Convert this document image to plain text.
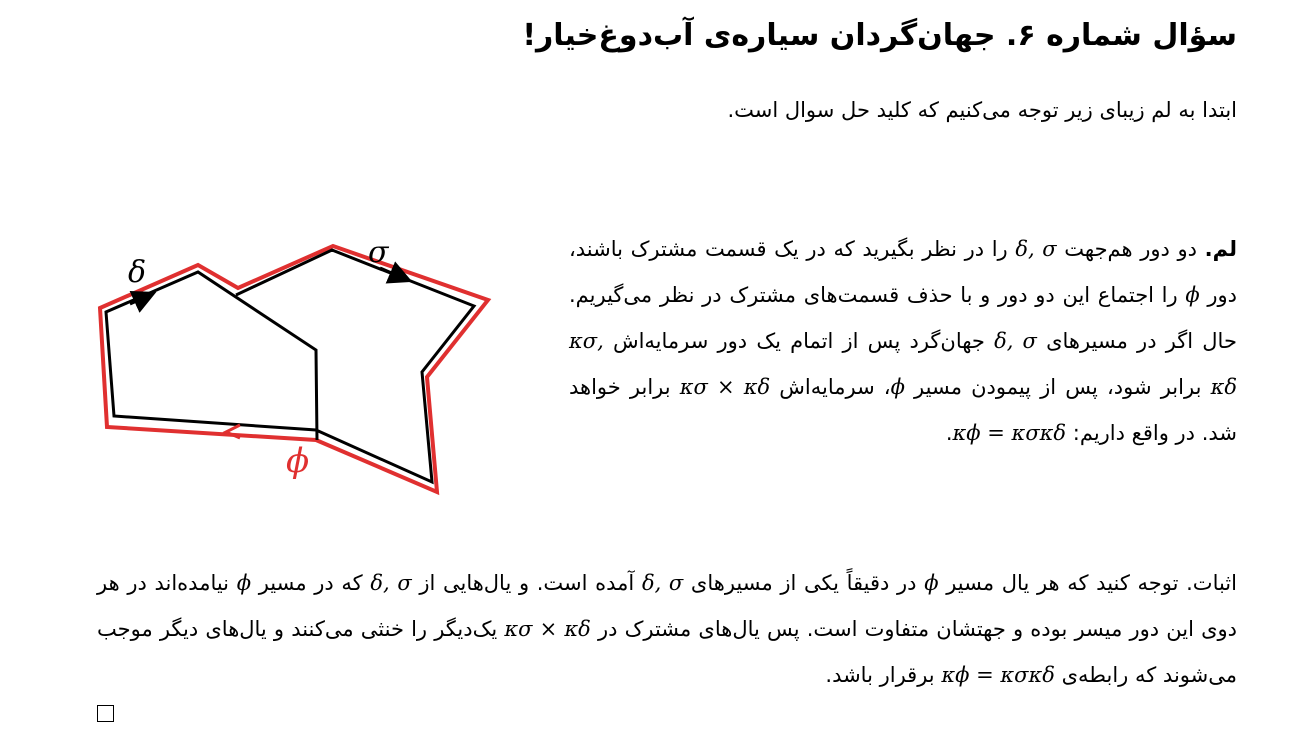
سؤال شماره ۶. جهان‌گردان سیاره‌ی آب‌دوغ‌خیار!
ابتدا به لم زیبای زیر توجه می‌کنیم که کلید حل سوال است.
لم. دو دور هم‌جهت δ, σ را در نظر بگیرید که در یک قسمت مشترک باشند، دور ϕ را اجتماع این دو دور و با حذف قسمت‌های مشترک در نظر می‌گیریم. حال اگر در مسیرهای δ, σ جهان‌گرد پس از اتمام یک دور سرمایه‌اش κσ, κδ برابر شود، پس از پیمودن مسیر ϕ، سرمایه‌اش κσ × κδ برابر خواهد شد. در واقع داریم: κϕ = κσκδ.
δ
σ
ϕ
اثبات. توجه کنید که هر یال مسیر ϕ در دقیقاً یکی از مسیرهای δ, σ آمده است. و یال‌هایی از δ, σ که در مسیر ϕ نیامده‌اند در هر دوی این دور میسر بوده و جهتشان متفاوت است. پس یال‌های مشترک در κσ × κδ یک‌دیگر را خنثی می‌کنند و یال‌های دیگر موجب می‌شوند که رابطه‌ی κϕ = κσκδ برقرار باشد.
